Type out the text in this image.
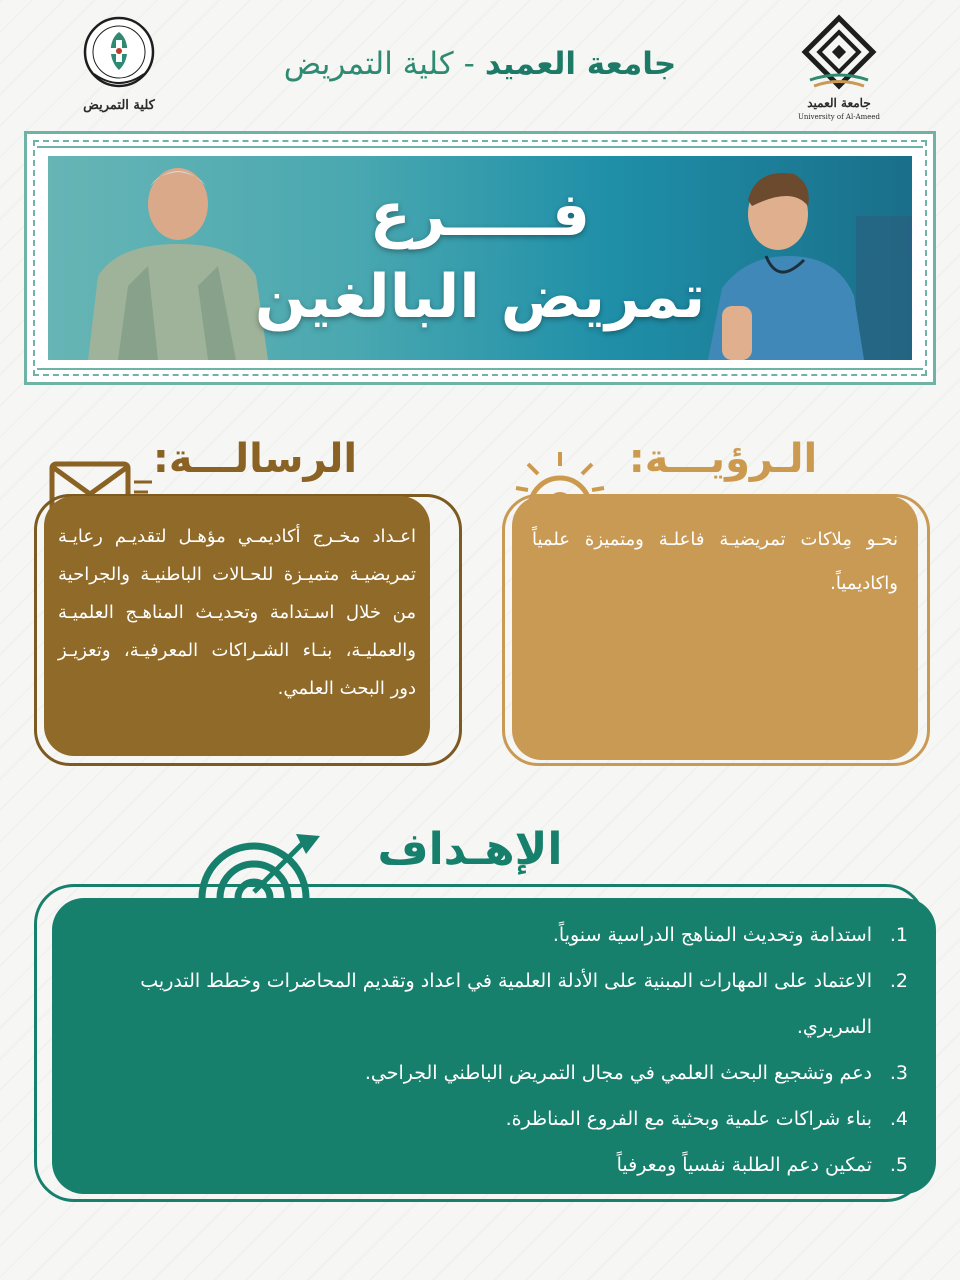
جامعة العميد-كلية التمريض
جامعة العميد
University of Al-Ameed
كلية التمريض
فـــــرع
تمريض البالغين
الرسالـــة:

اعـداد مخـرج أكاديمـي مؤهـل لتقديـم رعايـة تمريضيـة متميـزة للحـالات الباطنيـة والجراحية من خلال اسـتدامة وتحديـث المناهـج العلميـة والعمليـة، بنـاء الشـراكات المعرفيـة، وتعزيـز دور البحث العلمي.

الـرؤيـــة:

نحـو مِلاكات تمريضيـة فاعلـة ومتميزة علمياً واكاديمياً.

الإهـداف
1.
استدامة وتحديث المناهج الدراسية سنوياً.
2.
الاعتماد على المهارات المبنية على الأدلة العلمية في اعداد وتقديم المحاضرات وخطط التدريب السريري.
3.
دعم وتشجيع البحث العلمي في مجال التمريض الباطني الجراحي.
4.
بناء شراكات علمية وبحثية مع الفروع المناظرة.
5.
تمكين دعم الطلبة نفسياً ومعرفياً
